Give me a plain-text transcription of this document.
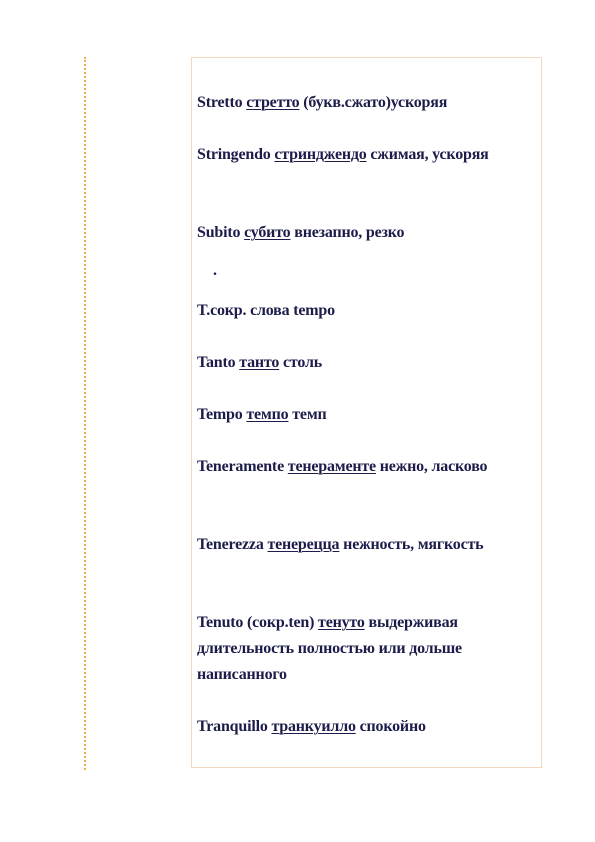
.
Stretto стретто (букв.сжато)ускоряя
Stringendo стринджендо сжимая, ускоряя
Subito субито внезапно, резко
T.сокр. слова tempo
Tanto танто столь
Tempo темпо темп
Teneramente тенераменте нежно, ласково
Tenerezza тенерецца нежность, мягкость
Tenuto (сокр.ten) тенуто выдерживая длительность полностью или дольше написанного
Tranquillo транкуилло спокойно
